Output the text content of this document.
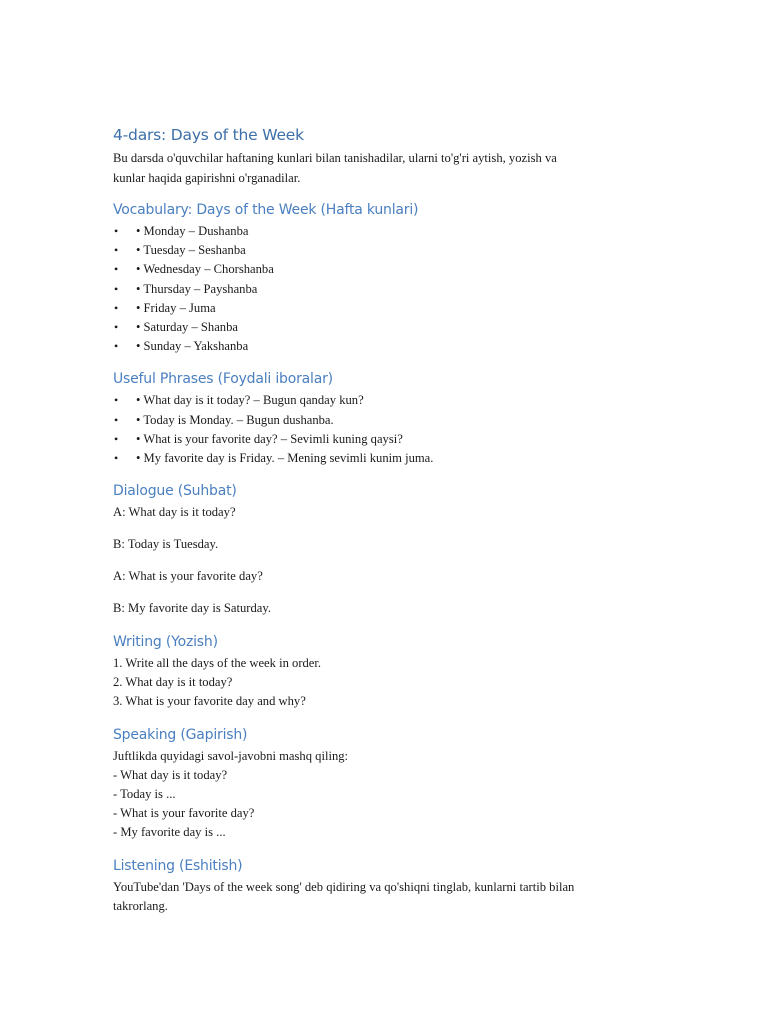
4-dars: Days of the Week
Bu darsda o'quvchilar haftaning kunlari bilan tanishadilar, ularni to'g'ri aytish, yozish va
kunlar haqida gapirishni o'rganadilar.
Vocabulary: Days of the Week (Hafta kunlari)
• • Monday – Dushanba
• • Tuesday – Seshanba
• • Wednesday – Chorshanba
• • Thursday – Payshanba
• • Friday – Juma
• • Saturday – Shanba
• • Sunday – Yakshanba
Useful Phrases (Foydali iboralar)
• • What day is it today? – Bugun qanday kun?
• • Today is Monday. – Bugun dushanba.
• • What is your favorite day? – Sevimli kuning qaysi?
• • My favorite day is Friday. – Mening sevimli kunim juma.
Dialogue (Suhbat)
A: What day is it today?
B: Today is Tuesday.
A: What is your favorite day?
B: My favorite day is Saturday.
Writing (Yozish)
1. Write all the days of the week in order.
2. What day is it today?
3. What is your favorite day and why?
Speaking (Gapirish)
Juftlikda quyidagi savol-javobni mashq qiling:
- What day is it today?
- Today is ...
- What is your favorite day?
- My favorite day is ...
Listening (Eshitish)
YouTube'dan 'Days of the week song' deb qidiring va qo'shiqni tinglab, kunlarni tartib bilan
takrorlang.
